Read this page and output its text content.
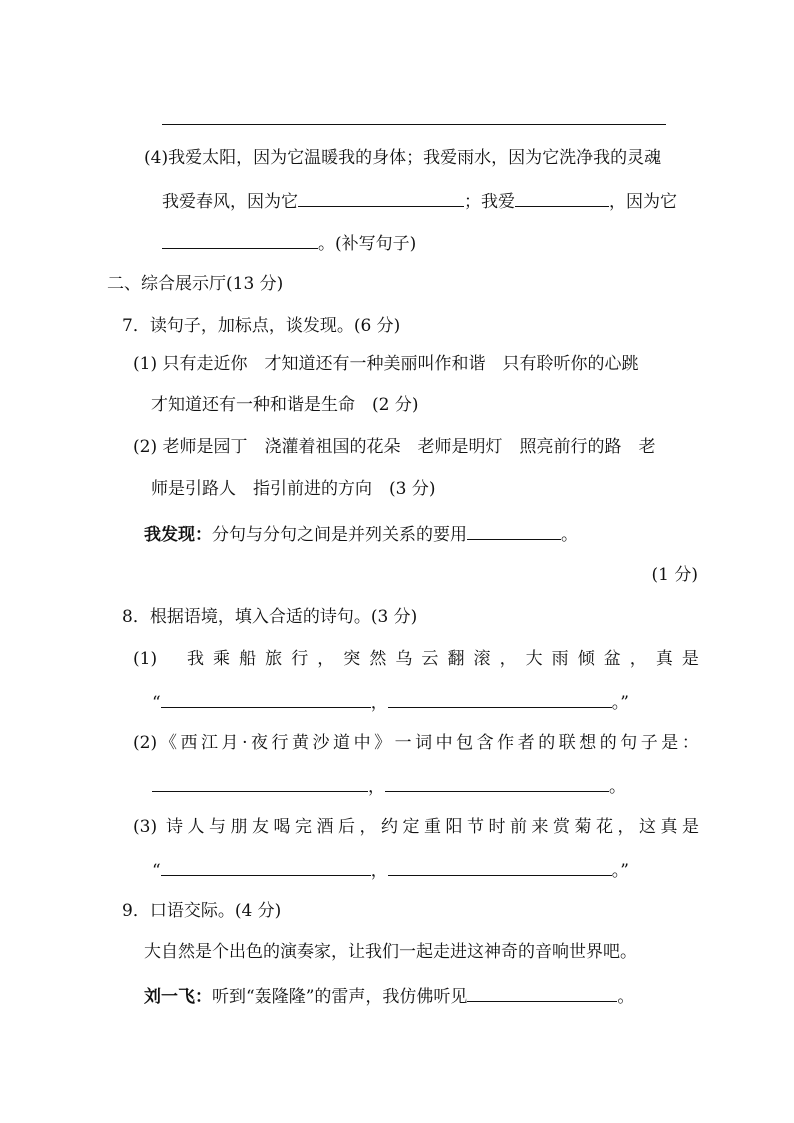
(4)我爱太阳，因为它温暖我的身体；我爱雨水，因为它洗净我的灵魂
我爱春风，因为它	；我爱	，因为它
。(补写句子)
二、综合展示厅(13 分)
7．读句子，加标点，谈发现。(6 分)
(1) 只有走近你　才知道还有一种美丽叫作和谐　只有聆听你的心跳
才知道还有一种和谐是生命　(2 分)
(2) 老师是园丁　浇灌着祖国的花朵　老师是明灯　照亮前行的路　老
师是引路人　指引前进的方向　(3 分)
我发现：分句与分句之间是并列关系的要用	。
(1 分)
8．根据语境，填入合适的诗句。(3 分)
(1) 我 乘 船 旅 行 ， 突 然 乌 云 翻 滚 ， 大 雨 倾 盆 ， 真 是
“	，	。”
(2) 《 西 江 月 · 夜 行 黄 沙 道 中 》 一 词 中 包 含 作 者 的 联 想 的 句 子 是 ：
，	。
(3) 诗 人 与 朋 友 喝 完 酒 后 ， 约 定 重 阳 节 时 前 来 赏 菊 花 ， 这 真 是
“	，	。”
9．口语交际。(4 分)
大自然是个出色的演奏家，让我们一起走进这神奇的音响世界吧。
刘一飞：听到“轰隆隆”的雷声，我仿佛听见	。
